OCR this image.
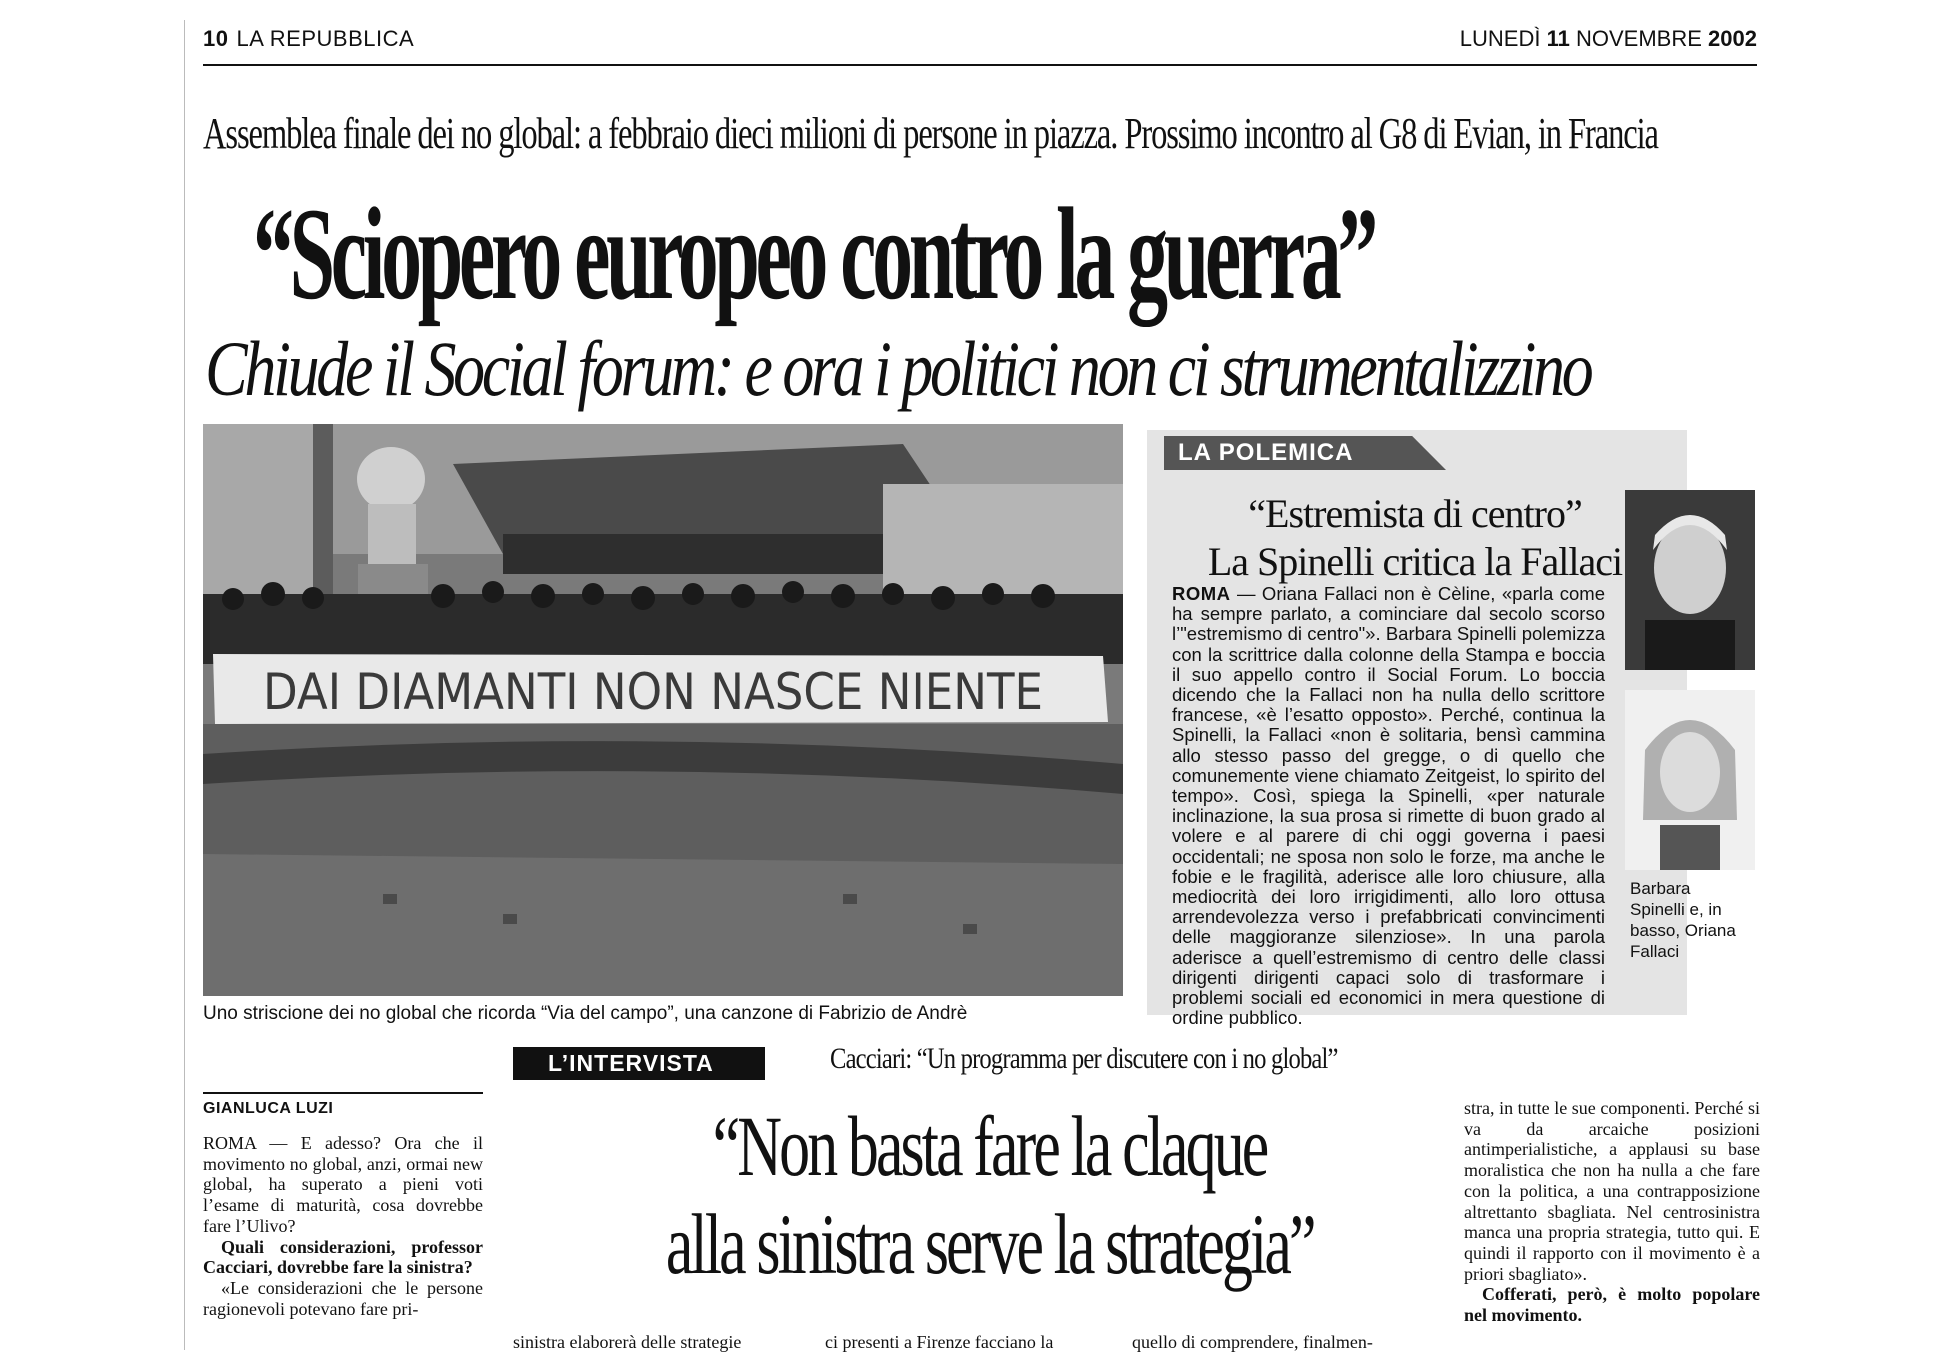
10 LA REPUBBLICA	LUNEDÌ 11 NOVEMBRE 2002
Assemblea finale dei no global: a febbraio dieci milioni di persone in piazza. Prossimo incontro al G8 di Evian, in Francia
“Sciopero europeo contro la guerra”
Chiude il Social forum: e ora i politici non ci strumentalizzino
DAI DIAMANTI NON NASCE NIENTE
Uno striscione dei no global che ricorda “Via del campo”, una canzone di Fabrizio de Andrè
LA POLEMICA
“Estremista di centro”
La Spinelli critica la Fallaci
ROMA — Oriana Fallaci non è Cèline, «parla come ha sempre parlato, a cominciare dal secolo scorso l’"estremismo di centro"». Barbara Spinelli polemizza con la scrittrice dalla colonne della Stampa e boccia il suo appello contro il Social Forum. Lo boccia dicendo che la Fallaci non ha nulla dello scrittore francese, «è l’esatto opposto». Perché, continua la Spinelli, la Fallaci «non è solitaria, bensì cammina allo stesso passo del gregge, o di quello che comunemente viene chiamato Zeitgeist, lo spirito del tempo». Così, spiega la Spinelli, «per naturale inclinazione, la sua prosa si rimette di buon grado al volere e al parere di chi oggi governa i paesi occidentali; ne sposa non solo le forze, ma anche le fobie e le fragilità, aderisce alle loro chiusure, alla mediocrità dei loro irrigidimenti, allo loro ottusa arrendevolezza verso i prefabbricati convincimenti delle maggioranze silenziose». In una parola aderisce a quell’estremismo di centro delle classi dirigenti dirigenti capaci solo di trasformare i problemi sociali ed economici in mera questione di ordine pubblico.
Barbara Spinelli e, in basso, Oriana Fallaci
L’INTERVISTA	Cacciari: “Un programma per discutere con i no global”
GIANLUCA LUZI

ROMA — E adesso? Ora che il movimento no global, anzi, ormai new global, ha superato a pieni voti l’esame di maturità, cosa dovrebbe fare l’Ulivo?

Quali considerazioni, professor Cacciari, dovrebbe fare la sinistra?

«Le considerazioni che le persone ragionevoli potevano fare pri-

“Non basta fare la claque
alla sinistra serve la strategia”

stra, in tutte le sue componenti. Perché si va da arcaiche posizioni antimperialistiche, a applausi su base moralistica che non ha nulla a che fare con la politica, a una contrapposizione altrettanto sbagliata. Nel centrosinistra manca una propria strategia, tutto qui. E quindi il rapporto con il movimento è a priori sbagliato».

Cofferati, però, è molto popolare nel movimento.

sinistra elaborerà delle strategie	ci presenti a Firenze facciano la	quello di comprendere, finalmen-
